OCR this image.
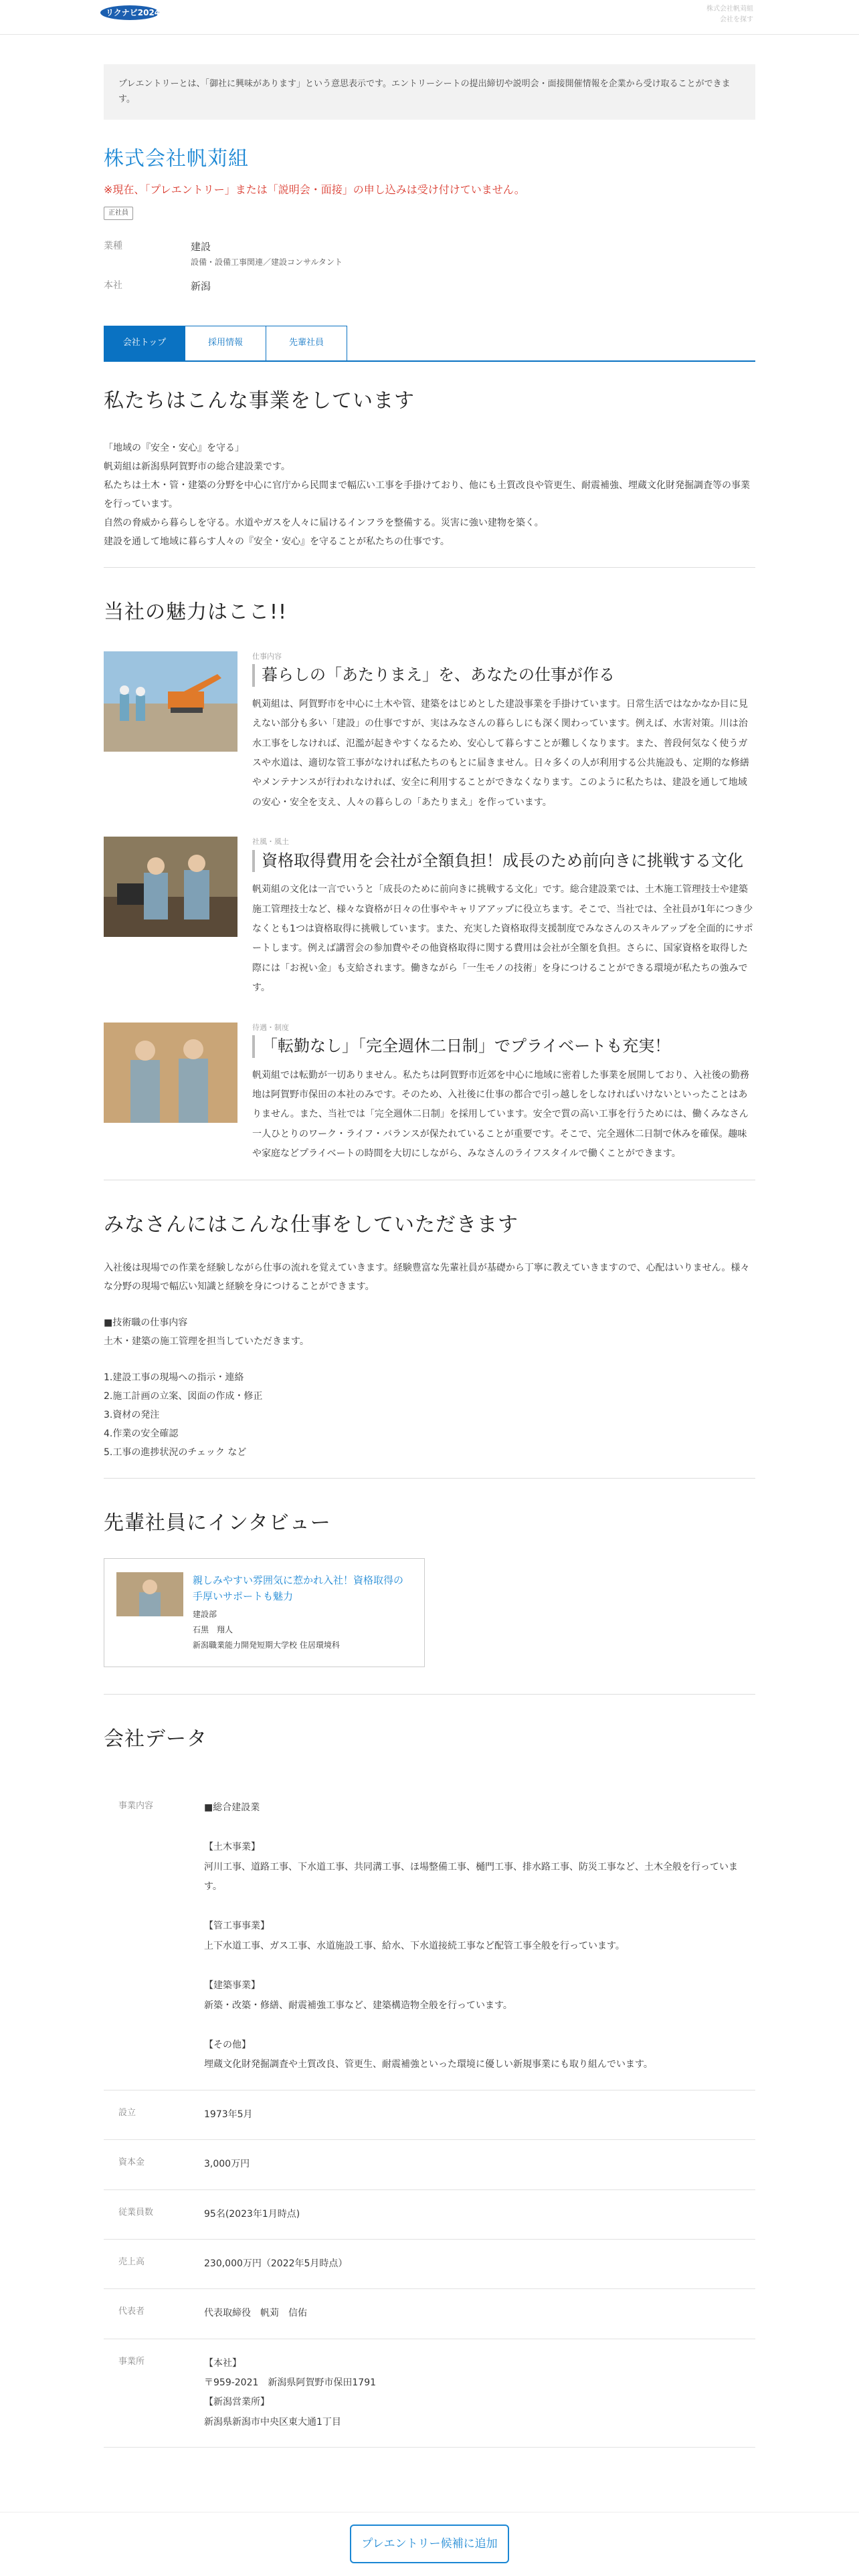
リクナビ2024	株式会社帆苅組
会社を探す
プレエントリーとは、「御社に興味があります」という意思表示です。エントリーシートの提出締切や説明会・面接開催情報を企業から受け取ることができます。
株式会社帆苅組
※現在、「プレエントリー」または「説明会・面接」の申し込みは受け付けていません。
正社員
業種	建設
設備・設備工事関連／建設コンサルタント
本社	新潟
会社トップ	採用情報	先輩社員
私たちはこんな事業をしています
「地域の『安全・安心』を守る」
帆苅組は新潟県阿賀野市の総合建設業です。
私たちは土木・管・建築の分野を中心に官庁から民間まで幅広い工事を手掛けており、他にも土質改良や管更生、耐震補強、埋蔵文化財発掘調査等の事業を行っています。
自然の脅威から暮らしを守る。水道やガスを人々に届けるインフラを整備する。災害に強い建物を築く。
建設を通して地域に暮らす人々の『安全・安心』を守ることが私たちの仕事です。
当社の魅力はここ!!
仕事内容
暮らしの「あたりまえ」を、あなたの仕事が作る

帆苅組は、阿賀野市を中心に土木や管、建築をはじめとした建設事業を手掛けています。日常生活ではなかなか目に見えない部分も多い「建設」の仕事ですが、実はみなさんの暮らしにも深く関わっています。例えば、水害対策。川は治水工事をしなければ、氾濫が起きやすくなるため、安心して暮らすことが難しくなります。また、普段何気なく使うガスや水道は、適切な管工事がなければ私たちのもとに届きません。日々多くの人が利用する公共施設も、定期的な修繕やメンテナンスが行われなければ、安全に利用することができなくなります。このように私たちは、建設を通して地域の安心・安全を支え、人々の暮らしの「あたりまえ」を作っています。

社風・風土
資格取得費用を会社が全額負担！成長のため前向きに挑戦する文化

帆苅組の文化は一言でいうと「成長のために前向きに挑戦する文化」です。総合建設業では、土木施工管理技士や建築施工管理技士など、様々な資格が日々の仕事やキャリアアップに役立ちます。そこで、当社では、全社員が1年につき少なくとも1つは資格取得に挑戦しています。また、充実した資格取得支援制度でみなさんのスキルアップを全面的にサポートします。例えば講習会の参加費やその他資格取得に関する費用は会社が全額を負担。さらに、国家資格を取得した際には「お祝い金」も支給されます。働きながら「一生モノの技術」を身につけることができる環境が私たちの強みです。

待遇・制度
「転勤なし」「完全週休二日制」でプライベートも充実！

帆苅組では転勤が一切ありません。私たちは阿賀野市近郊を中心に地域に密着した事業を展開しており、入社後の勤務地は阿賀野市保田の本社のみです。そのため、入社後に仕事の都合で引っ越しをしなければいけないといったことはありません。また、当社では「完全週休二日制」を採用しています。安全で質の高い工事を行うためには、働くみなさん一人ひとりのワーク・ライフ・バランスが保たれていることが重要です。そこで、完全週休二日制で休みを確保。趣味や家庭などプライベートの時間を大切にしながら、みなさんのライフスタイルで働くことができます。

みなさんにはこんな仕事をしていただきます
入社後は現場での作業を経験しながら仕事の流れを覚えていきます。経験豊富な先輩社員が基礎から丁寧に教えていきますので、心配はいりません。様々な分野の現場で幅広い知識と経験を身につけることができます。
■技術職の仕事内容
土木・建築の施工管理を担当していただきます。
1.建設工事の現場への指示・連絡
2.施工計画の立案、図面の作成・修正
3.資材の発注
4.作業の安全確認
5.工事の進捗状況のチェック など
先輩社員にインタビュー
親しみやすい雰囲気に惹かれ入社！資格取得の手厚いサポートも魅力
建設部
石黒　翔人
新潟職業能力開発短期大学校 住居環境科
会社データ
事業内容	■総合建設業
【土木事業】
河川工事、道路工事、下水道工事、共同溝工事、ほ場整備工事、樋門工事、排水路工事、防災工事など、土木全般を行っています。
【管工事事業】
上下水道工事、ガス工事、水道施設工事、給水、下水道接続工事など配管工事全般を行っています。
【建築事業】
新築・改築・修繕、耐震補強工事など、建築構造物全般を行っています。
【その他】
埋蔵文化財発掘調査や土質改良、管更生、耐震補強といった環境に優しい新規事業にも取り組んでいます。
設立	1973年5月
資本金	3,000万円
従業員数	95名(2023年1月時点)
売上高	230,000万円（2022年5月時点）
代表者	代表取締役　帆苅　信佑
事業所	【本社】
〒959-2021　新潟県阿賀野市保田1791
【新潟営業所】
新潟県新潟市中央区東大通1丁目
プレエントリー候補に追加
